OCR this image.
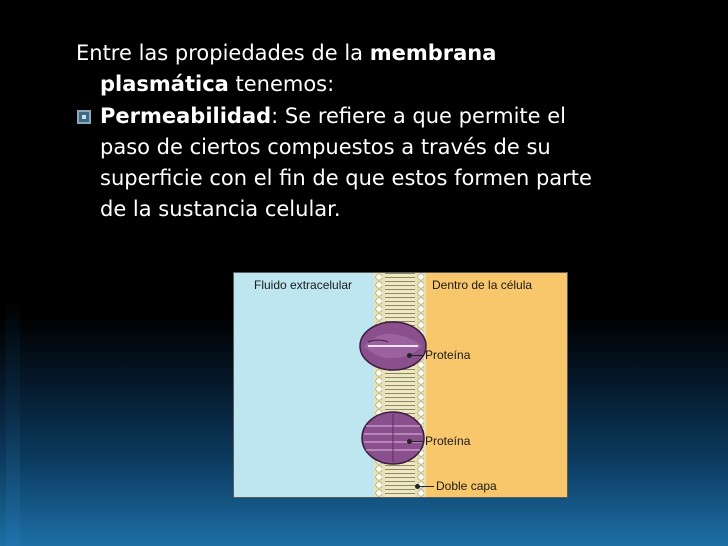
Entre las propiedades de la membrana
plasmática tenemos:
Permeabilidad: Se refiere a que permite el
paso de ciertos compuestos a través de su
superficie con el fin de que estos formen parte
de la sustancia celular.
Fluido extracelular	Dentro de la célula
Proteína
Proteína
Doble capa
